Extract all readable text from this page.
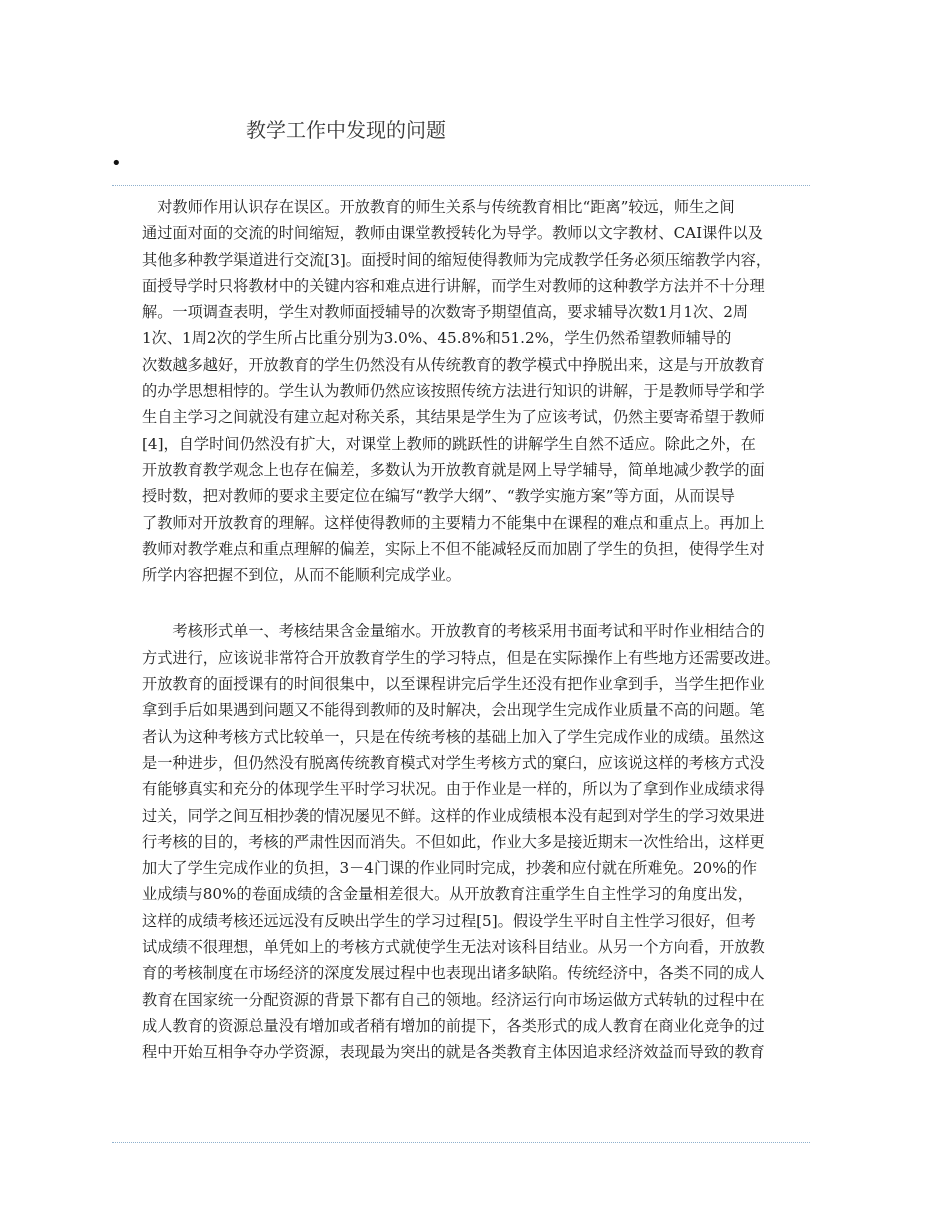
教学工作中发现的问题
•
　对教师作用认识存在误区。开放教育的师生关系与传统教育相比“距离”较远，师生之间
通过面对面的交流的时间缩短，教师由课堂教授转化为导学。教师以文字教材、CAI课件以及
其他多种教学渠道进行交流[3]。面授时间的缩短使得教师为完成教学任务必须压缩教学内容，
面授导学时只将教材中的关键内容和难点进行讲解，而学生对教师的这种教学方法并不十分理
解。一项调查表明，学生对教师面授辅导的次数寄予期望值高，要求辅导次数1月1次、2周
1次、1周2次的学生所占比重分别为3.0%、45.8%和51.2%，学生仍然希望教师辅导的
次数越多越好，开放教育的学生仍然没有从传统教育的教学模式中挣脱出来，这是与开放教育
的办学思想相悖的。学生认为教师仍然应该按照传统方法进行知识的讲解，于是教师导学和学
生自主学习之间就没有建立起对称关系，其结果是学生为了应该考试，仍然主要寄希望于教师
[4]，自学时间仍然没有扩大，对课堂上教师的跳跃性的讲解学生自然不适应。除此之外，在
开放教育教学观念上也存在偏差，多数认为开放教育就是网上导学辅导，简单地减少教学的面
授时数，把对教师的要求主要定位在编写“教学大纲”、“教学实施方案”等方面，从而误导
了教师对开放教育的理解。这样使得教师的主要精力不能集中在课程的难点和重点上。再加上
教师对教学难点和重点理解的偏差，实际上不但不能减轻反而加剧了学生的负担，使得学生对
所学内容把握不到位，从而不能顺利完成学业。
　　考核形式单一、考核结果含金量缩水。开放教育的考核采用书面考试和平时作业相结合的
方式进行，应该说非常符合开放教育学生的学习特点，但是在实际操作上有些地方还需要改进。
开放教育的面授课有的时间很集中，以至课程讲完后学生还没有把作业拿到手，当学生把作业
拿到手后如果遇到问题又不能得到教师的及时解决，会出现学生完成作业质量不高的问题。笔
者认为这种考核方式比较单一，只是在传统考核的基础上加入了学生完成作业的成绩。虽然这
是一种进步，但仍然没有脱离传统教育模式对学生考核方式的窠臼，应该说这样的考核方式没
有能够真实和充分的体现学生平时学习状况。由于作业是一样的，所以为了拿到作业成绩求得
过关，同学之间互相抄袭的情况屡见不鲜。这样的作业成绩根本没有起到对学生的学习效果进
行考核的目的，考核的严肃性因而消失。不但如此，作业大多是接近期末一次性给出，这样更
加大了学生完成作业的负担，3－4门课的作业同时完成，抄袭和应付就在所难免。20%的作
业成绩与80%的卷面成绩的含金量相差很大。从开放教育注重学生自主性学习的角度出发，
这样的成绩考核还远远没有反映出学生的学习过程[5]。假设学生平时自主性学习很好，但考
试成绩不很理想，单凭如上的考核方式就使学生无法对该科目结业。从另一个方向看，开放教
育的考核制度在市场经济的深度发展过程中也表现出诸多缺陷。传统经济中，各类不同的成人
教育在国家统一分配资源的背景下都有自己的领地。经济运行向市场运做方式转轨的过程中在
成人教育的资源总量没有增加或者稍有增加的前提下，各类形式的成人教育在商业化竞争的过
程中开始互相争夺办学资源，表现最为突出的就是各类教育主体因追求经济效益而导致的教育
